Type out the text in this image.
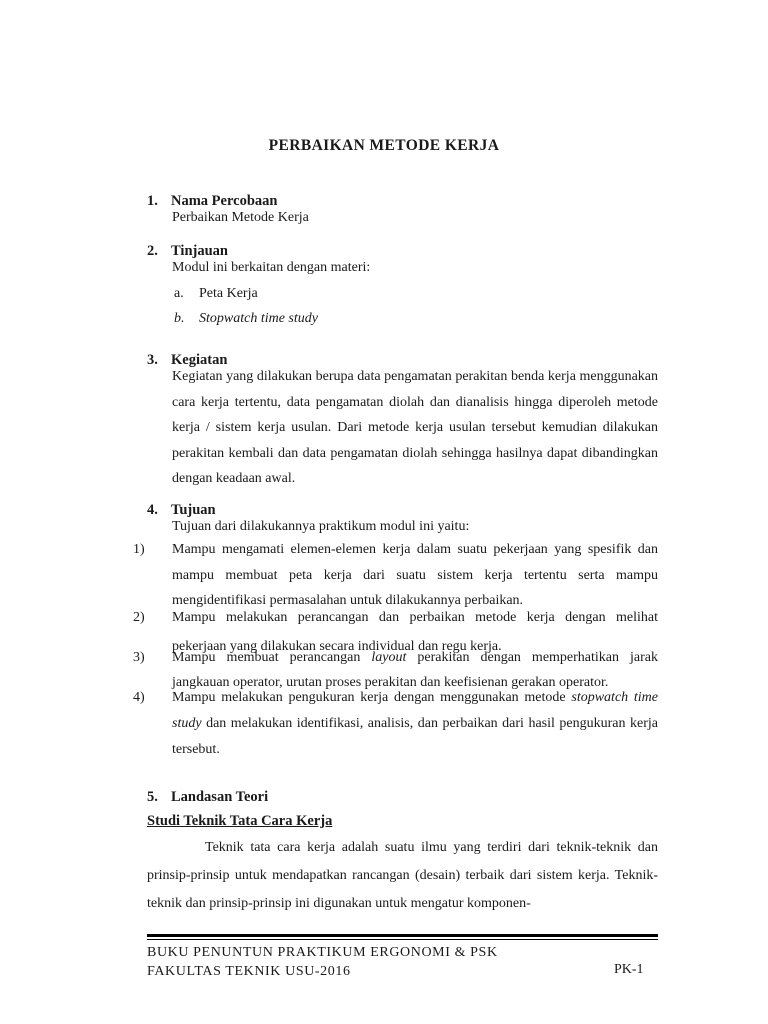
PERBAIKAN METODE KERJA
1. Nama Percobaan
Perbaikan Metode Kerja
2. Tinjauan
Modul ini berkaitan dengan materi:
a. Peta Kerja
b. Stopwatch time study
3. Kegiatan
Kegiatan yang dilakukan berupa data pengamatan perakitan benda kerja menggunakan cara kerja tertentu, data pengamatan diolah dan dianalisis hingga diperoleh metode kerja / sistem kerja usulan. Dari metode kerja usulan tersebut kemudian dilakukan perakitan kembali dan data pengamatan diolah sehingga hasilnya dapat dibandingkan dengan keadaan awal.
4. Tujuan
Tujuan dari dilakukannya praktikum modul ini yaitu:
1) Mampu mengamati elemen-elemen kerja dalam suatu pekerjaan yang spesifik dan mampu membuat peta kerja dari suatu sistem kerja tertentu serta mampu mengidentifikasi permasalahan untuk dilakukannya perbaikan.
2) Mampu melakukan perancangan dan perbaikan metode kerja dengan melihat pekerjaan yang dilakukan secara individual dan regu kerja.
3) Mampu membuat perancangan layout perakitan dengan memperhatikan jarak jangkauan operator, urutan proses perakitan dan keefisienan gerakan operator.
4) Mampu melakukan pengukuran kerja dengan menggunakan metode stopwatch time study dan melakukan identifikasi, analisis, dan perbaikan dari hasil pengukuran kerja tersebut.
5. Landasan Teori
Studi Teknik Tata Cara Kerja
Teknik tata cara kerja adalah suatu ilmu yang terdiri dari teknik-teknik dan prinsip-prinsip untuk mendapatkan rancangan (desain) terbaik dari sistem kerja. Teknik-teknik dan prinsip-prinsip ini digunakan untuk mengatur komponen-
BUKU PENUNTUN PRAKTIKUM ERGONOMI & PSK
FAKULTAS TEKNIK USU-2016	PK-1
